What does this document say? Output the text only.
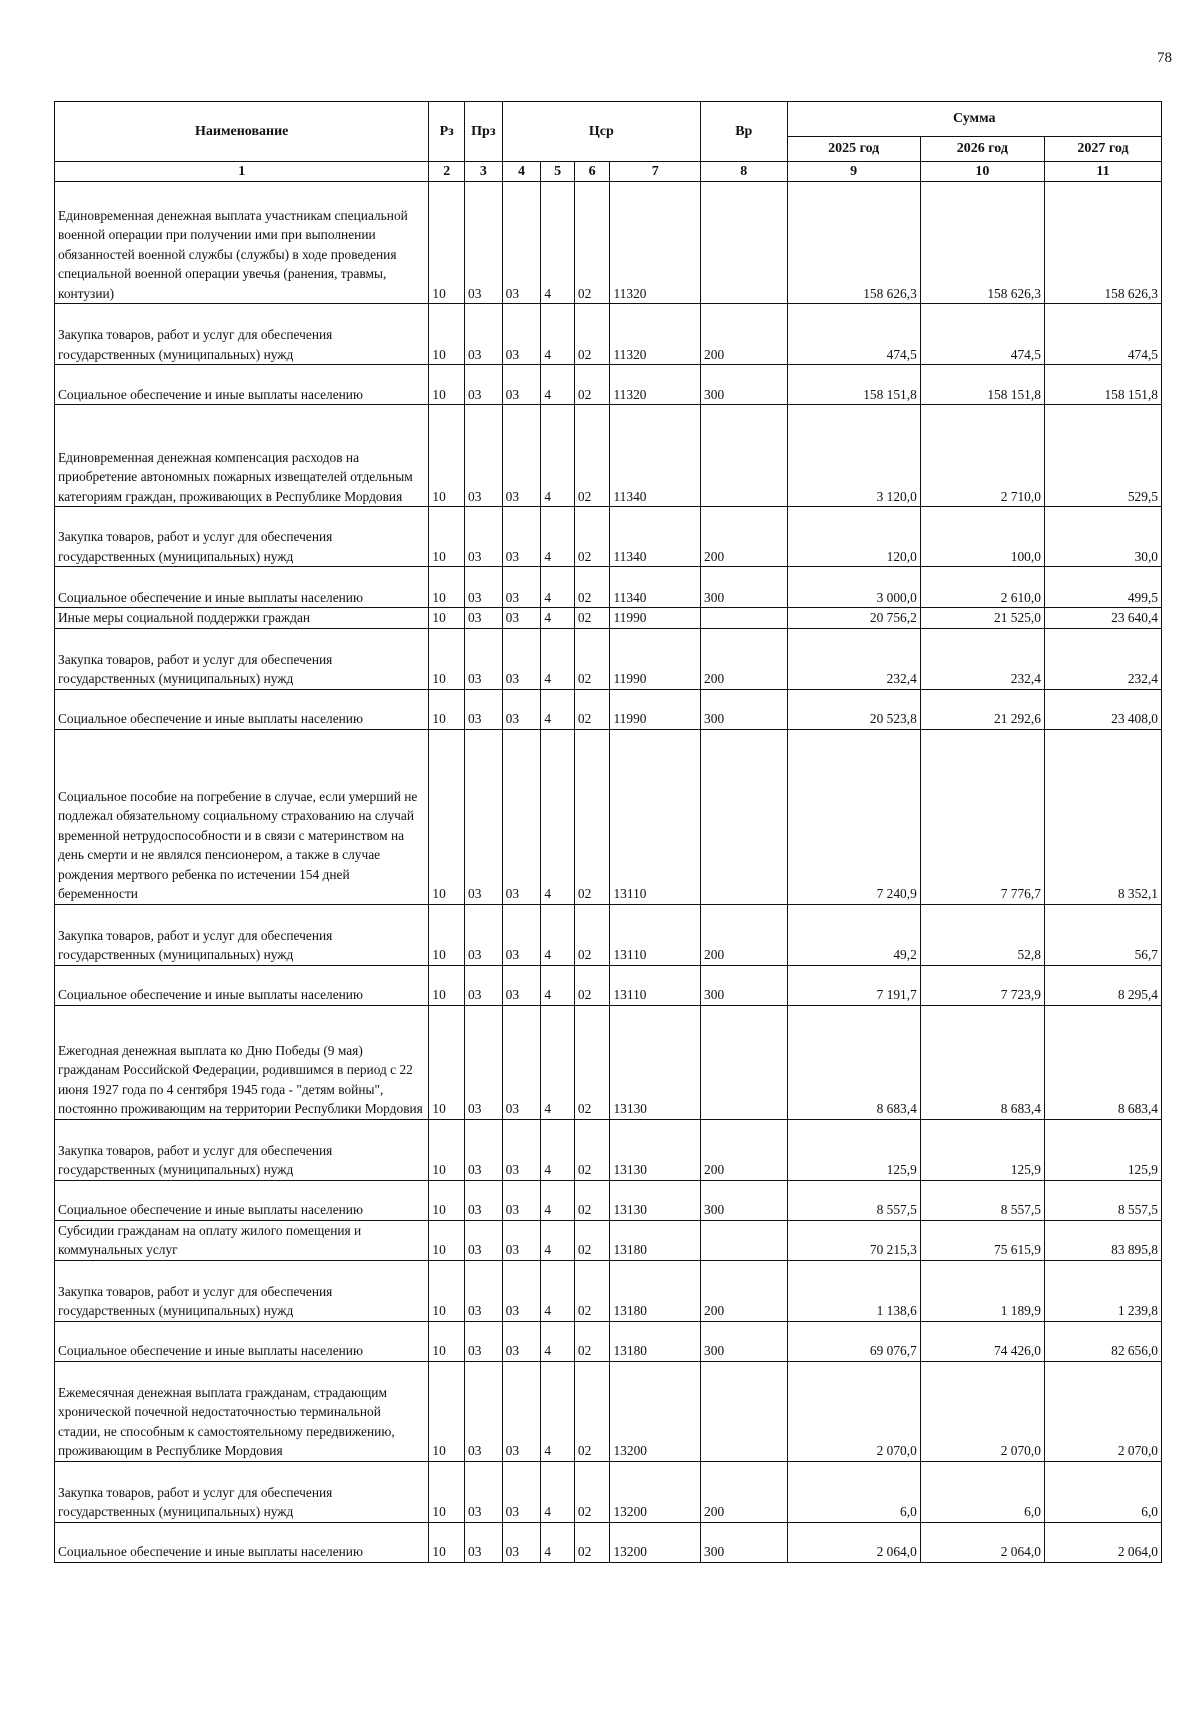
78
Наименование	Рз	Прз	Цср				Вр	Сумма		
								2025 год	2026 год	2027 год
1	2	3	4	5	6	7	8	9	10	11
Единовременная денежная выплата участникам специальной военной операции при получении ими при выполнении обязанностей военной службы (службы) в ходе проведения специальной военной операции увечья (ранения, травмы, контузии)	10	03	03	4	02	11320		158 626,3	158 626,3	158 626,3
Закупка товаров, работ и услуг для обеспечения государственных (муниципальных) нужд	10	03	03	4	02	11320	200	474,5	474,5	474,5
Социальное обеспечение и иные выплаты населению	10	03	03	4	02	11320	300	158 151,8	158 151,8	158 151,8
Единовременная денежная компенсация расходов на приобретение автономных пожарных извещателей отдельным категориям граждан, проживающих в Республике Мордовия	10	03	03	4	02	11340		3 120,0	2 710,0	529,5
Закупка товаров, работ и услуг для обеспечения государственных (муниципальных) нужд	10	03	03	4	02	11340	200	120,0	100,0	30,0
Социальное обеспечение и иные выплаты населению	10	03	03	4	02	11340	300	3 000,0	2 610,0	499,5
Иные меры социальной поддержки граждан	10	03	03	4	02	11990		20 756,2	21 525,0	23 640,4
Закупка товаров, работ и услуг для обеспечения государственных (муниципальных) нужд	10	03	03	4	02	11990	200	232,4	232,4	232,4
Социальное обеспечение и иные выплаты населению	10	03	03	4	02	11990	300	20 523,8	21 292,6	23 408,0
Социальное пособие на погребение в случае, если умерший не подлежал обязательному социальному страхованию на случай временной нетрудоспособности и в связи с материнством на день смерти и не являлся пенсионером, а также в случае рождения мертвого ребенка по истечении 154 дней беременности	10	03	03	4	02	13110		7 240,9	7 776,7	8 352,1
Закупка товаров, работ и услуг для обеспечения государственных (муниципальных) нужд	10	03	03	4	02	13110	200	49,2	52,8	56,7
Социальное обеспечение и иные выплаты населению	10	03	03	4	02	13110	300	7 191,7	7 723,9	8 295,4
Ежегодная денежная выплата ко Дню Победы (9 мая) гражданам Российской Федерации, родившимся в период с 22 июня 1927 года по 4 сентября 1945 года - "детям войны", постоянно проживающим на территории Республики Мордовия	10	03	03	4	02	13130		8 683,4	8 683,4	8 683,4
Закупка товаров, работ и услуг для обеспечения государственных (муниципальных) нужд	10	03	03	4	02	13130	200	125,9	125,9	125,9
Социальное обеспечение и иные выплаты населению	10	03	03	4	02	13130	300	8 557,5	8 557,5	8 557,5
Субсидии гражданам на оплату жилого помещения и коммунальных услуг	10	03	03	4	02	13180		70 215,3	75 615,9	83 895,8
Закупка товаров, работ и услуг для обеспечения государственных (муниципальных) нужд	10	03	03	4	02	13180	200	1 138,6	1 189,9	1 239,8
Социальное обеспечение и иные выплаты населению	10	03	03	4	02	13180	300	69 076,7	74 426,0	82 656,0
Ежемесячная денежная выплата гражданам, страдающим хронической почечной недостаточностью терминальной стадии, не способным к самостоятельному передвижению, проживающим в Республике Мордовия	10	03	03	4	02	13200		2 070,0	2 070,0	2 070,0
Закупка товаров, работ и услуг для обеспечения государственных (муниципальных) нужд	10	03	03	4	02	13200	200	6,0	6,0	6,0
Социальное обеспечение и иные выплаты населению	10	03	03	4	02	13200	300	2 064,0	2 064,0	2 064,0
